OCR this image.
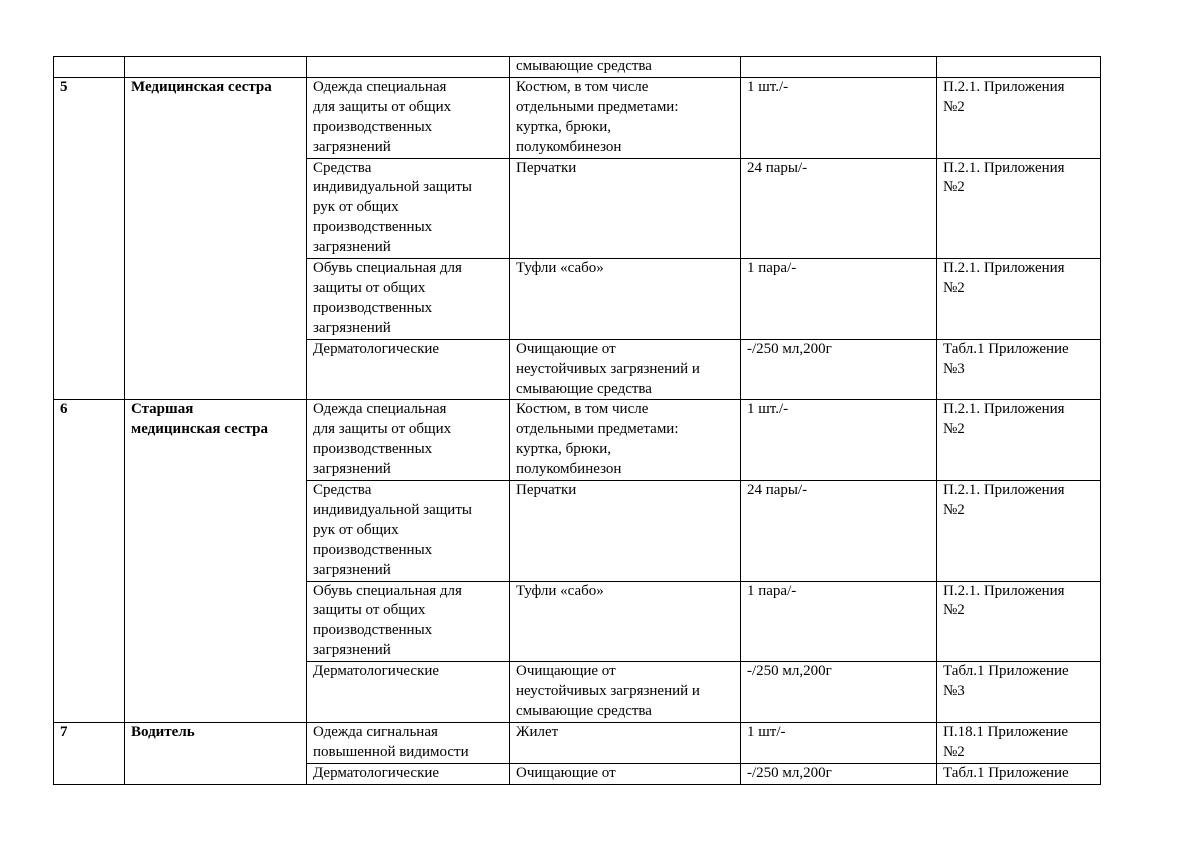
			смывающие средства		

5	Медицинская сестра	Одежда специальная
для защиты от общих
производственных
загрязнений	Костюм, в том числе
отдельными предметами:
куртка, брюки,
полукомбинезон	1 шт./-	П.2.1. Приложения
№2

		Средства
индивидуальной защиты
рук от общих
производственных
загрязнений	Перчатки	24 пары/-	П.2.1. Приложения
№2

		Обувь специальная для
защиты от общих
производственных
загрязнений	Туфли «сабо»	1 пара/-	П.2.1. Приложения
№2

		Дерматологические	Очищающие от
неустойчивых загрязнений и
смывающие средства	-/250 мл,200г	Табл.1 Приложение
№3

6	Старшая
медицинская сестра	Одежда специальная
для защиты от общих
производственных
загрязнений	Костюм, в том числе
отдельными предметами:
куртка, брюки,
полукомбинезон	1 шт./-	П.2.1. Приложения
№2

		Средства
индивидуальной защиты
рук от общих
производственных
загрязнений	Перчатки	24 пары/-	П.2.1. Приложения
№2

		Обувь специальная для
защиты от общих
производственных
загрязнений	Туфли «сабо»	1 пара/-	П.2.1. Приложения
№2

		Дерматологические	Очищающие от
неустойчивых загрязнений и
смывающие средства	-/250 мл,200г	Табл.1 Приложение
№3

7	Водитель	Одежда сигнальная
повышенной видимости	Жилет	1 шт/-	П.18.1 Приложение
№2

		Дерматологические	Очищающие от	-/250 мл,200г	Табл.1 Приложение
